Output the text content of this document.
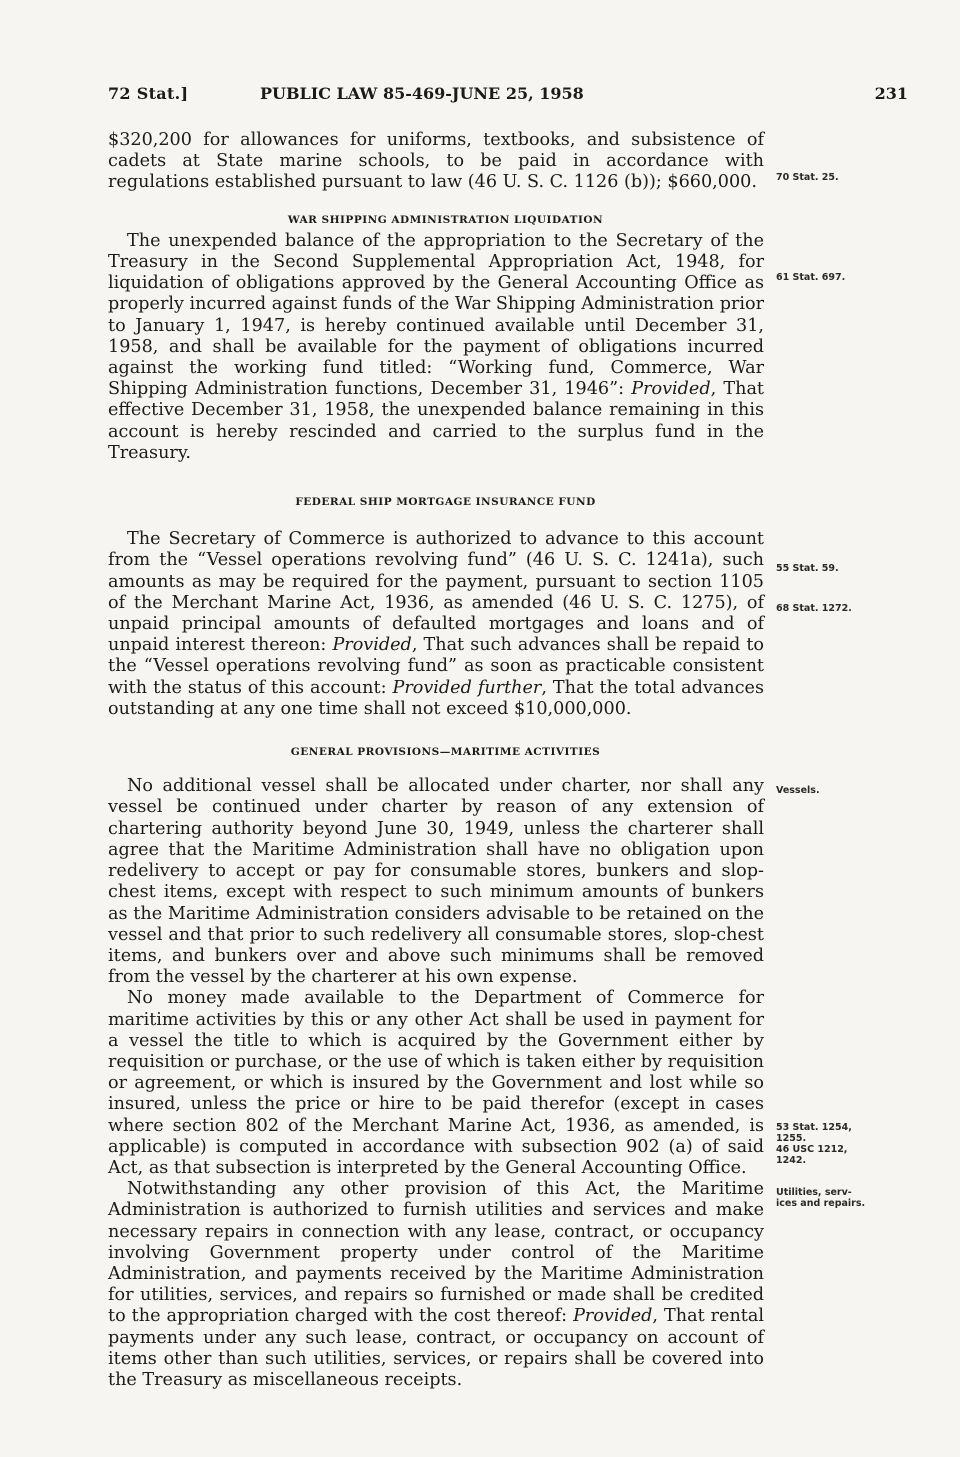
72 Stat.]	PUBLIC LAW 85-469-JUNE 25, 1958	231

$320,200 for allowances for uniforms, textbooks, and subsistence of cadets at State marine schools, to be paid in accordance with regulations established pursuant to law (46 U. S. C. 1126 (b)); $660,000.

WAR SHIPPING ADMINISTRATION LIQUIDATION

The unexpended balance of the appropriation to the Secretary of the Treasury in the Second Supplemental Appropriation Act, 1948, for liquidation of obligations approved by the General Accounting Office as properly incurred against funds of the War Shipping Administration prior to January 1, 1947, is hereby continued available until December 31, 1958, and shall be available for the payment of obligations incurred against the working fund titled: “Working fund, Commerce, War Shipping Administration functions, December 31, 1946”: Provided, That effective December 31, 1958, the unexpended balance remaining in this account is hereby rescinded and carried to the surplus fund in the Treasury.

FEDERAL SHIP MORTGAGE INSURANCE FUND

The Secretary of Commerce is authorized to advance to this account from the “Vessel operations revolving fund” (46 U. S. C. 1241a), such amounts as may be required for the payment, pursuant to section 1105 of the Merchant Marine Act, 1936, as amended (46 U. S. C. 1275), of unpaid principal amounts of defaulted mortgages and loans and of unpaid interest thereon: Provided, That such advances shall be repaid to the “Vessel operations revolving fund” as soon as practicable consistent with the status of this account: Provided further, That the total advances outstanding at any one time shall not exceed $10,000,000.

GENERAL PROVISIONS—MARITIME ACTIVITIES

No additional vessel shall be allocated under charter, nor shall any vessel be continued under charter by reason of any extension of chartering authority beyond June 30, 1949, unless the charterer shall agree that the Maritime Administration shall have no obligation upon redelivery to accept or pay for consumable stores, bunkers and slop-chest items, except with respect to such minimum amounts of bunkers as the Maritime Administration considers advisable to be retained on the vessel and that prior to such redelivery all consumable stores, slop-chest items, and bunkers over and above such minimums shall be removed from the vessel by the charterer at his own expense.

No money made available to the Department of Commerce for maritime activities by this or any other Act shall be used in payment for a vessel the title to which is acquired by the Government either by requisition or purchase, or the use of which is taken either by requisition or agreement, or which is insured by the Government and lost while so insured, unless the price or hire to be paid therefor (except in cases where section 802 of the Merchant Marine Act, 1936, as amended, is applicable) is computed in accordance with subsection 902 (a) of said Act, as that subsection is interpreted by the General Accounting Office.

Notwithstanding any other provision of this Act, the Maritime Administration is authorized to furnish utilities and services and make necessary repairs in connection with any lease, contract, or occupancy involving Government property under control of the Maritime Administration, and payments received by the Maritime Administration for utilities, services, and repairs so furnished or made shall be credited to the appropriation charged with the cost thereof: Provided, That rental payments under any such lease, contract, or occupancy on account of items other than such utilities, services, or repairs shall be covered into the Treasury as miscellaneous receipts.

70 Stat. 25.
61 Stat. 697.
55 Stat. 59.
68 Stat. 1272.
Vessels.
53 Stat. 1254,
1255.
46 USC 1212,
1242.
Utilities, serv-
ices and repairs.
